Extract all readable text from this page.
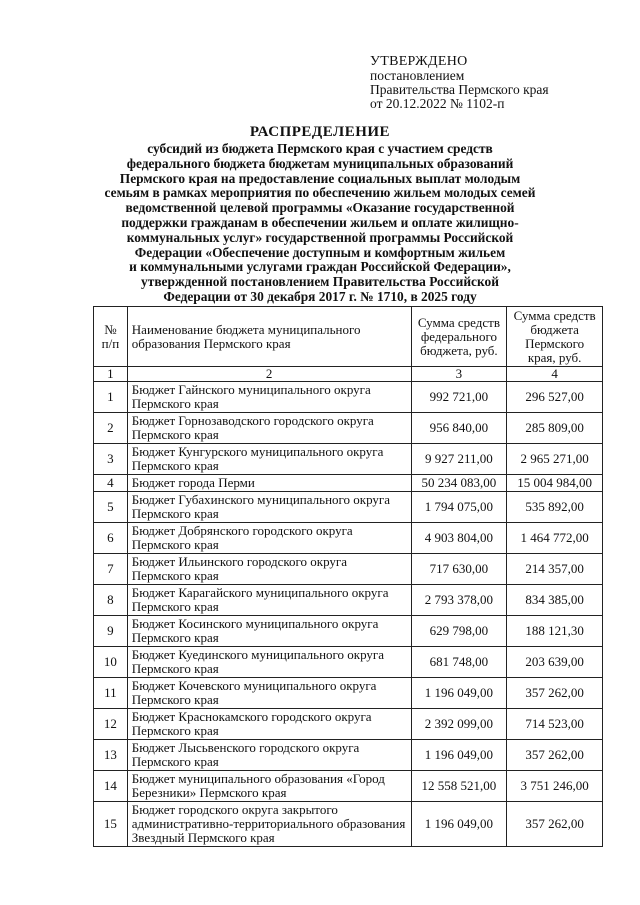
УТВЕРЖДЕНО
постановлением
Правительства Пермского края
от 20.12.2022 № 1102-п
РАСПРЕДЕЛЕНИЕ
субсидий из бюджета Пермского края с участием средств
федерального бюджета бюджетам муниципальных образований
Пермского края на предоставление социальных выплат молодым
семьям в рамках мероприятия по обеспечению жильем молодых семей
ведомственной целевой программы «Оказание государственной
поддержки гражданам в обеспечении жильем и оплате жилищно-
коммунальных услуг» государственной программы Российской
Федерации «Обеспечение доступным и комфортным жильем
и коммунальными услугами граждан Российской Федерации»,
утвержденной постановлением Правительства Российской
Федерации от 30 декабря 2017 г. № 1710, в 2025 году
№ п/п	Наименование бюджета муниципального образования Пермского края	Сумма средств федерального бюджета, руб.	Сумма средств бюджета Пермского края, руб.
1	2	3	4
1	Бюджет Гайнского муниципального округа Пермского края	992 721,00	296 527,00
2	Бюджет Горнозаводского городского округа Пермского края	956 840,00	285 809,00
3	Бюджет Кунгурского муниципального округа Пермского края	9 927 211,00	2 965 271,00
4	Бюджет города Перми	50 234 083,00	15 004 984,00
5	Бюджет Губахинского муниципального округа Пермского края	1 794 075,00	535 892,00
6	Бюджет Добрянского городского округа Пермского края	4 903 804,00	1 464 772,00
7	Бюджет Ильинского городского округа Пермского края	717 630,00	214 357,00
8	Бюджет Карагайского муниципального округа Пермского края	2 793 378,00	834 385,00
9	Бюджет Косинского муниципального округа Пермского края	629 798,00	188 121,30
10	Бюджет Куединского муниципального округа Пермского края	681 748,00	203 639,00
11	Бюджет Кочевского муниципального округа Пермского края	1 196 049,00	357 262,00
12	Бюджет Краснокамского городского округа Пермского края	2 392 099,00	714 523,00
13	Бюджет Лысьвенского городского округа Пермского края	1 196 049,00	357 262,00
14	Бюджет муниципального образования «Город Березники» Пермского края	12 558 521,00	3 751 246,00
15	Бюджет городского округа закрытого административно-территориального образования Звездный Пермского края	1 196 049,00	357 262,00
